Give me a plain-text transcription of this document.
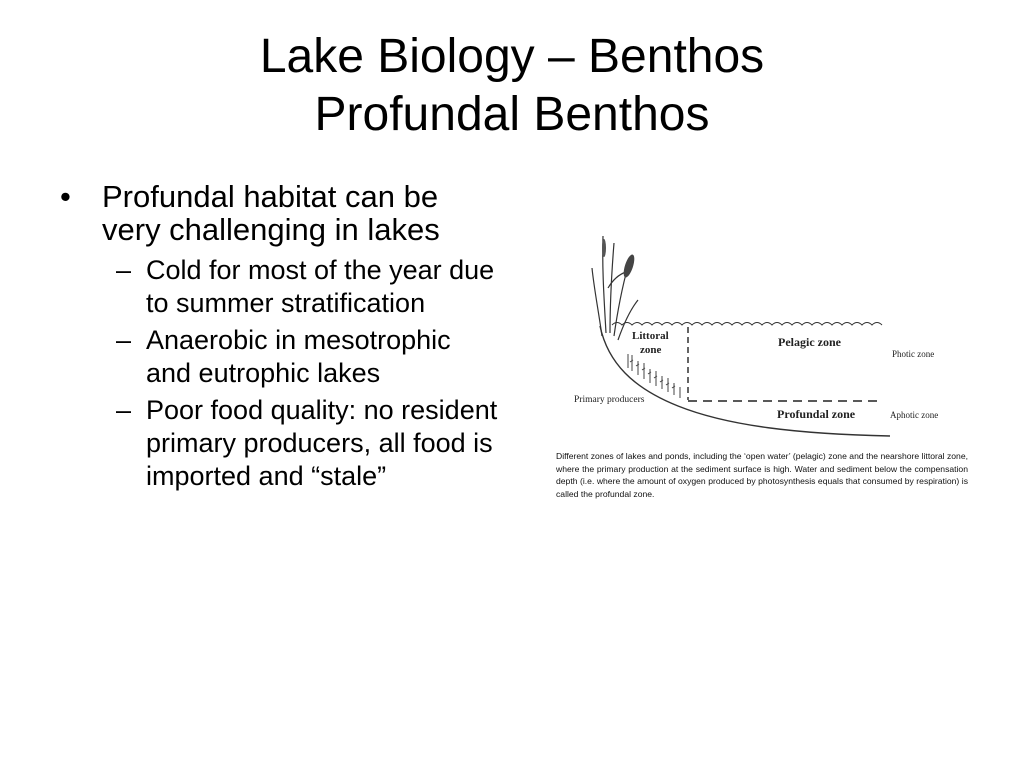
Lake Biology – Benthos
Profundal Benthos
• Profundal habitat can be very challenging in lakes
– Cold for most of the year due to summer stratification
– Anaerobic in mesotrophic and eutrophic lakes
– Poor food quality: no resident primary producers, all food is imported and “stale”
Littoral
zone
Pelagic zone
Photic zone
Primary producers
Profundal zone	Aphotic zone
Different zones of lakes and ponds, including the ‘open water’ (pelagic) zone and the nearshore littoral zone, where the primary production at the sediment surface is high. Water and sediment below the compensation depth (i.e. where the amount of oxygen produced by photosynthesis equals that consumed by respiration) is called the profundal zone.
